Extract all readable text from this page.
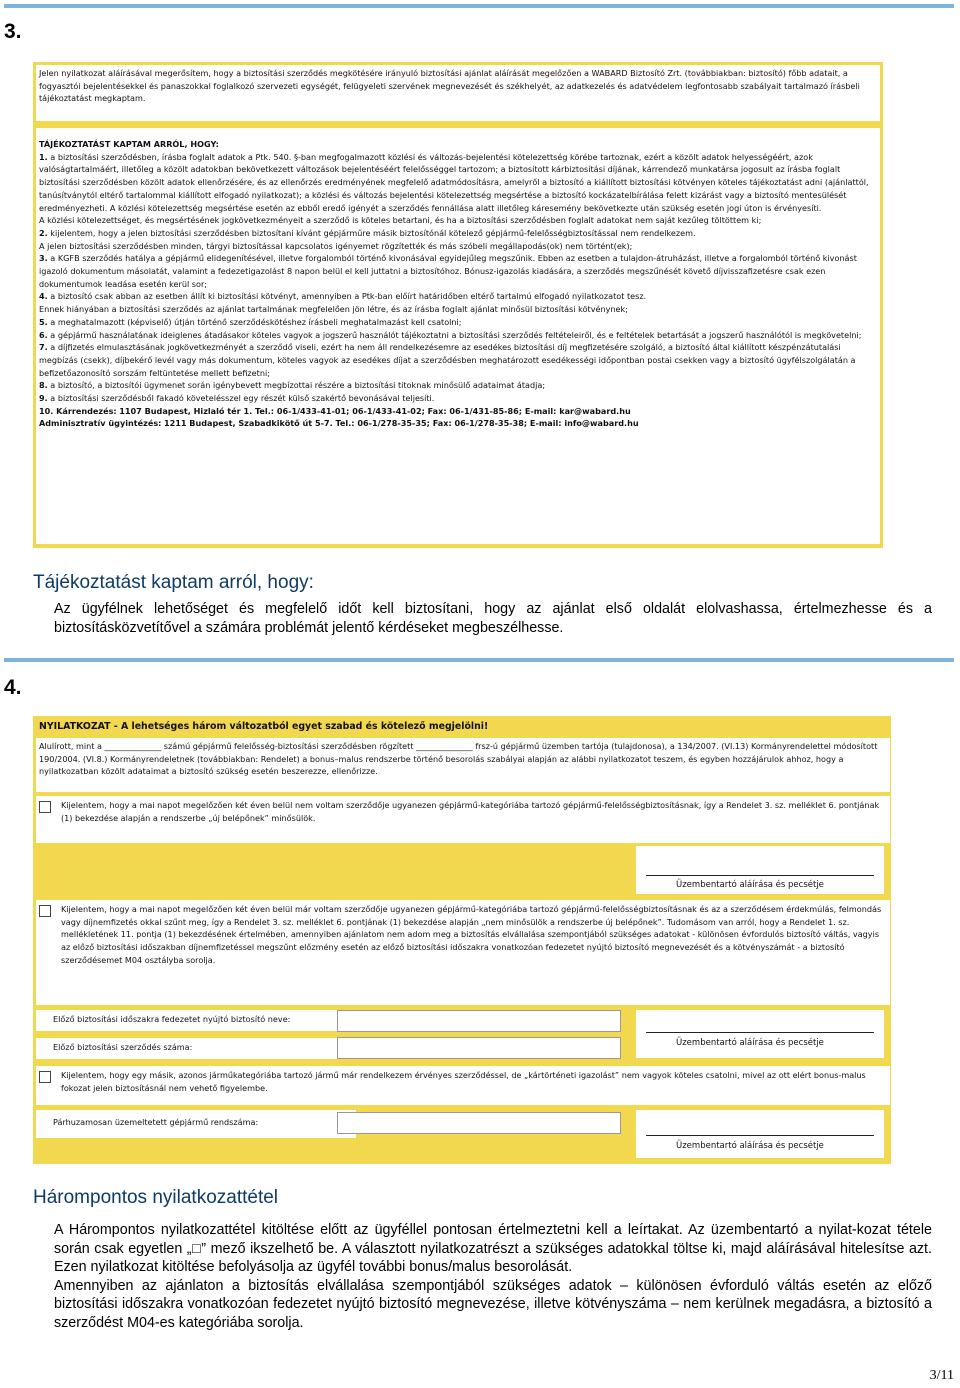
3.

Jelen nyilatkozat aláírásával megerősítem, hogy a biztosítási szerződés megkötésére irányuló biztosítási ajánlat aláírását megelőzően a WABARD Biztosító Zrt. (továbbiakban: biztosító) főbb adatait, a fogyasztói bejelentésekkel és panaszokkal foglalkozó szervezeti egységét, felügyeleti szervének megnevezését és székhelyét, az adatkezelés és adatvédelem legfontosabb szabályait tartalmazó írásbeli tájékoztatást megkaptam.

TÁJÉKOZTATÁST KAPTAM ARRÓL, HOGY:

1. a biztosítási szerződésben, írásba foglalt adatok a Ptk. 540. §-ban megfogalmazott közlési és változás-bejelentési kötelezettség körébe tartoznak, ezért a közölt adatok helyességéért, azok valóságtartalmáért, illetőleg a közölt adatokban bekövetkezett változások bejelentéséért felelősséggel tartozom; a biztosított kárbiztosítási díjának, kárrendező munkatársa jogosult az írásba foglalt biztosítási szerződésben közölt adatok ellenőrzésére, és az ellenőrzés eredményének megfelelő adatmódosításra, amelyről a biztosító a kiállított biztosítási kötvényen köteles tájékoztatást adni (ajánlattól, tanúsítványtól eltérő tartalommal kiállított elfogadó nyilatkozat); a közlési és változás bejelentési kötelezettség megsértése a biztosító kockázatelbírálása felett kizárást vagy a biztosító mentesülését eredményezheti. A közlési kötelezettség megsértése esetén az ebből eredő igényét a szerződés fennállása alatt illetőleg káresemény bekövetkezte után szükség esetén jogi úton is érvényesíti.

A közlési kötelezettséget, és megsértésének jogkövetkezményeit a szerződő is köteles betartani, és ha a biztosítási szerződésben foglalt adatokat nem saját kezűleg töltöttem ki;

2. kijelentem, hogy a jelen biztosítási szerződésben biztosítani kívánt gépjárműre másik biztosítónál kötelező gépjármű-felelősségbiztosítással nem rendelkezem.

A jelen biztosítási szerződésben minden, tárgyi biztosítással kapcsolatos igényemet rögzítették és más szóbeli megállapodás(ok) nem történt(ek);

3. a KGFB szerződés hatálya a gépjármű elidegenítésével, illetve forgalomból történő kivonásával egyidejűleg megszűnik. Ebben az esetben a tulajdon-átruházást, illetve a forgalomból történő kivonást igazoló dokumentum másolatát, valamint a fedezetigazolást 8 napon belül el kell juttatni a biztosítóhoz. Bónusz-igazolás kiadására, a szerződés megszűnését követő díjvisszafizetésre csak ezen dokumentumok leadása esetén kerül sor;

4. a biztosító csak abban az esetben állít ki biztosítási kötvényt, amennyiben a Ptk-ban előírt határidőben eltérő tartalmú elfogadó nyilatkozatot tesz.

Ennek hiányában a biztosítási szerződés az ajánlat tartalmának megfelelően jön létre, és az írásba foglalt ajánlat minősül biztosítási kötvénynek;

5. a meghatalmazott (képviselő) útján történő szerződéskötéshez írásbeli meghatalmazást kell csatolni;

6. a gépjármű használatának ideiglenes átadásakor köteles vagyok a jogszerű használót tájékoztatni a biztosítási szerződés feltételeiről, és e feltételek betartását a jogszerű használótól is megkövetelni;

7. a díjfizetés elmulasztásának jogkövetkezményét a szerződő viseli, ezért ha nem áll rendelkezésemre az esedékes biztosítási díj megfizetésére szolgáló, a biztosító által kiállított készpénzátutalási megbízás (csekk), díjbekérő levél vagy más dokumentum, köteles vagyok az esedékes díjat a szerződésben meghatározott esedékességi időpontban postai csekken vagy a biztosító ügyfélszolgálatán a befizetőazonosító sorszám feltüntetése mellett befizetni;

8. a biztosító, a biztosítói ügymenet során igénybevett megbízottai részére a biztosítási titoknak minősülő adataimat átadja;

9. a biztosítási szerződésből fakadó követelésszel egy részét külső szakértő bevonásával teljesíti.

10. Kárrendezés: 1107 Budapest, Hizlaló tér 1. Tel.: 06-1/433-41-01; 06-1/433-41-02; Fax: 06-1/431-85-86; E-mail: kar@wabard.hu

Adminisztratív ügyintézés: 1211 Budapest, Szabadkikötő út 5-7. Tel.: 06-1/278-35-35; Fax: 06-1/278-35-38; E-mail: info@wabard.hu

Tájékoztatást kaptam arról, hogy:

Az ügyfélnek lehetőséget és megfelelő időt kell biztosítani, hogy az ajánlat első oldalát elolvashassa, értelmezhesse és a biztosításközvetítővel a számára problémát jelentő kérdéseket megbeszélhesse.

4.
NYILATKOZAT - A lehetséges három változatból egyet szabad és kötelező megjelölni!

Alulírott, mint a ______________ számú gépjármű felelősség-biztosítási szerződésben rögzített ______________ frsz-ú gépjármű üzemben tartója (tulajdonosa), a 134/2007. (VI.13) Kormányrendelettel módosított 190/2004. (VI.8.) Kormányrendeletnek (továbbiakban: Rendelet) a bonus–malus rendszerbe történő besorolás szabályai alapján az alábbi nyilatkozatot teszem, és egyben hozzájárulok ahhoz, hogy a nyilatkozatban közölt adataimat a biztosító szükség esetén beszerezze, ellenőrizze.

Kijelentem, hogy a mai napot megelőzően két éven belül nem voltam szerződője ugyanezen gépjármű-kategóriába tartozó gépjármű-felelősségbiztosításnak, így a Rendelet 3. sz. melléklet 6. pontjának (1) bekezdése alapján a rendszerbe „új belépőnek” minősülök.

Üzembentartó aláírása és pecsétje

Kijelentem, hogy a mai napot megelőzően két éven belül már voltam szerződője ugyanezen gépjármű-kategóriába tartozó gépjármű-felelősségbiztosításnak és az a szerződésem érdekmúlás, felmondás vagy díjnemfizetés okkal szűnt meg, így a Rendelet 3. sz. melléklet 6. pontjának (1) bekezdése alapján „nem minősülök a rendszerbe új belépőnek”. Tudomásom van arról, hogy a Rendelet 1. sz. mellékletének 11. pontja (1) bekezdésének értelmében, amennyiben ajánlatom nem adom meg a biztosítás elvállalása szempontjából szükséges adatokat - különösen évfordulós biztosító váltás, vagyis az előző biztosítási időszakban díjnemfizetéssel megszűnt előzmény esetén az előző biztosítási időszakra vonatkozóan fedezetet nyújtó biztosító megnevezését és a kötvényszámát - a biztosító szerződésemet M04 osztályba sorolja.

Előző biztosítási időszakra fedezetet nyújtó biztosító neve:

Előző biztosítási szerződés száma:	Üzembentartó aláírása és pecsétje

Kijelentem, hogy egy másik, azonos járműkategóriába tartozó jármű már rendelkezem érvényes szerződéssel, de „kártörténeti igazolást” nem vagyok köteles csatolni, mivel az ott elért bonus-malus fokozat jelen biztosításnál nem vehető figyelembe.

Párhuzamosan üzemeltetett gépjármű rendszáma:

Üzembentartó aláírása és pecsétje
Hárompontos nyilatkozattétel

A Hárompontos nyilatkozattétel kitöltése előtt az ügyféllel pontosan értelmeztetni kell a leírtakat. Az üzembentartó a nyilat-kozat tétele során csak egyetlen „□” mező ikszelhető be. A választott nyilatkozatrészt a szükséges adatokkal töltse ki, majd aláírásával hitelesítse azt. Ezen nyilatkozat kitöltése befolyásolja az ügyfél további bonus/malus besorolását.

Amennyiben az ajánlaton a biztosítás elvállalása szempontjából szükséges adatok – különösen évforduló váltás esetén az előző biztosítási időszakra vonatkozóan fedezetet nyújtó biztosító megnevezése, illetve kötvényszáma – nem kerülnek megadásra, a biztosító a szerződést M04-es kategóriába sorolja.

3/11
